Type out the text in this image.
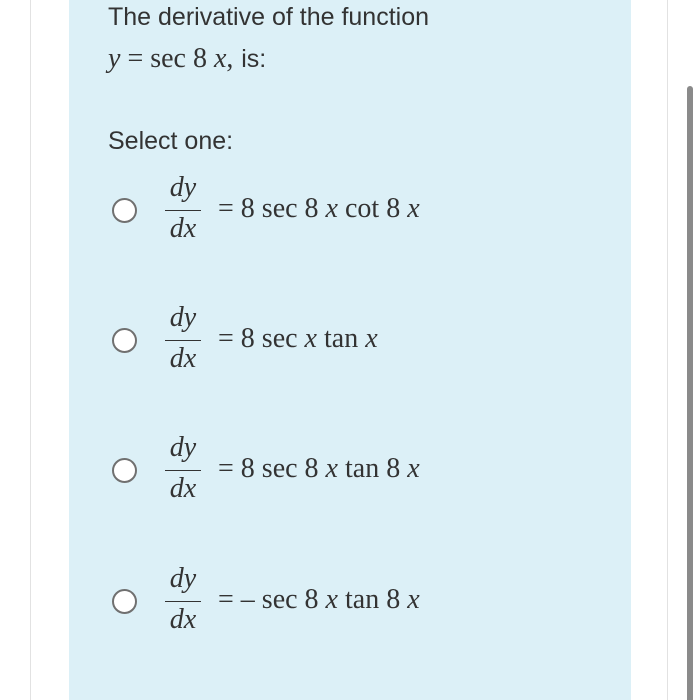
The derivative of the function
y = sec 8 x, is:
Select one:
dy
dx
= 8 sec 8 x cot 8 x
dy
dx
= 8 sec x tan x
dy
dx
= 8 sec 8 x tan 8 x
dy
dx
= – sec 8 x tan 8 x
